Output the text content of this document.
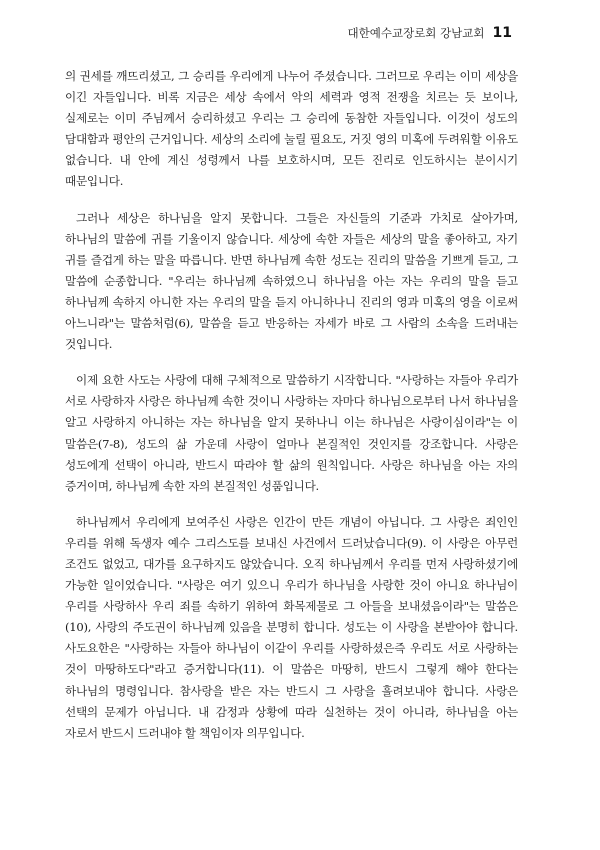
대한예수교장로회 강남교회 11

의 권세를 깨뜨리셨고, 그 승리를 우리에게 나누어 주셨습니다. 그러므로 우리는 이미 세상을 이긴 자들입니다. 비록 지금은 세상 속에서 악의 세력과 영적 전쟁을 치르는 듯 보이나, 실제로는 이미 주님께서 승리하셨고 우리는 그 승리에 동참한 자들입니다. 이것이 성도의 담대함과 평안의 근거입니다. 세상의 소리에 눌릴 필요도, 거짓 영의 미혹에 두려워할 이유도 없습니다. 내 안에 계신 성령께서 나를 보호하시며, 모든 진리로 인도하시는 분이시기 때문입니다.

그러나 세상은 하나님을 알지 못합니다. 그들은 자신들의 기준과 가치로 살아가며, 하나님의 말씀에 귀를 기울이지 않습니다. 세상에 속한 자들은 세상의 말을 좋아하고, 자기 귀를 즐겁게 하는 말을 따릅니다. 반면 하나님께 속한 성도는 진리의 말씀을 기쁘게 듣고, 그 말씀에 순종합니다. "우리는 하나님께 속하였으니 하나님을 아는 자는 우리의 말을 듣고 하나님께 속하지 아니한 자는 우리의 말을 듣지 아니하나니 진리의 영과 미혹의 영을 이로써 아느니라"는 말씀처럼(6), 말씀을 듣고 반응하는 자세가 바로 그 사람의 소속을 드러내는 것입니다.

이제 요한 사도는 사랑에 대해 구체적으로 말씀하기 시작합니다. "사랑하는 자들아 우리가 서로 사랑하자 사랑은 하나님께 속한 것이니 사랑하는 자마다 하나님으로부터 나서 하나님을 알고 사랑하지 아니하는 자는 하나님을 알지 못하나니 이는 하나님은 사랑이심이라"는 이 말씀은(7-8), 성도의 삶 가운데 사랑이 얼마나 본질적인 것인지를 강조합니다. 사랑은 성도에게 선택이 아니라, 반드시 따라야 할 삶의 원칙입니다. 사랑은 하나님을 아는 자의 증거이며, 하나님께 속한 자의 본질적인 성품입니다.

하나님께서 우리에게 보여주신 사랑은 인간이 만든 개념이 아닙니다. 그 사랑은 죄인인 우리를 위해 독생자 예수 그리스도를 보내신 사건에서 드러났습니다(9). 이 사랑은 아무런 조건도 없었고, 대가를 요구하지도 않았습니다. 오직 하나님께서 우리를 먼저 사랑하셨기에 가능한 일이었습니다. "사랑은 여기 있으니 우리가 하나님을 사랑한 것이 아니요 하나님이 우리를 사랑하사 우리 죄를 속하기 위하여 화목제물로 그 아들을 보내셨음이라"는 말씀은(10), 사랑의 주도권이 하나님께 있음을 분명히 합니다. 성도는 이 사랑을 본받아야 합니다. 사도요한은 "사랑하는 자들아 하나님이 이같이 우리를 사랑하셨은즉 우리도 서로 사랑하는 것이 마땅하도다"라고 증거합니다(11). 이 말씀은 마땅히, 반드시 그렇게 해야 한다는 하나님의 명령입니다. 참사랑을 받은 자는 반드시 그 사랑을 흘려보내야 합니다. 사랑은 선택의 문제가 아닙니다. 내 감정과 상황에 따라 실천하는 것이 아니라, 하나님을 아는 자로서 반드시 드러내야 할 책임이자 의무입니다.
